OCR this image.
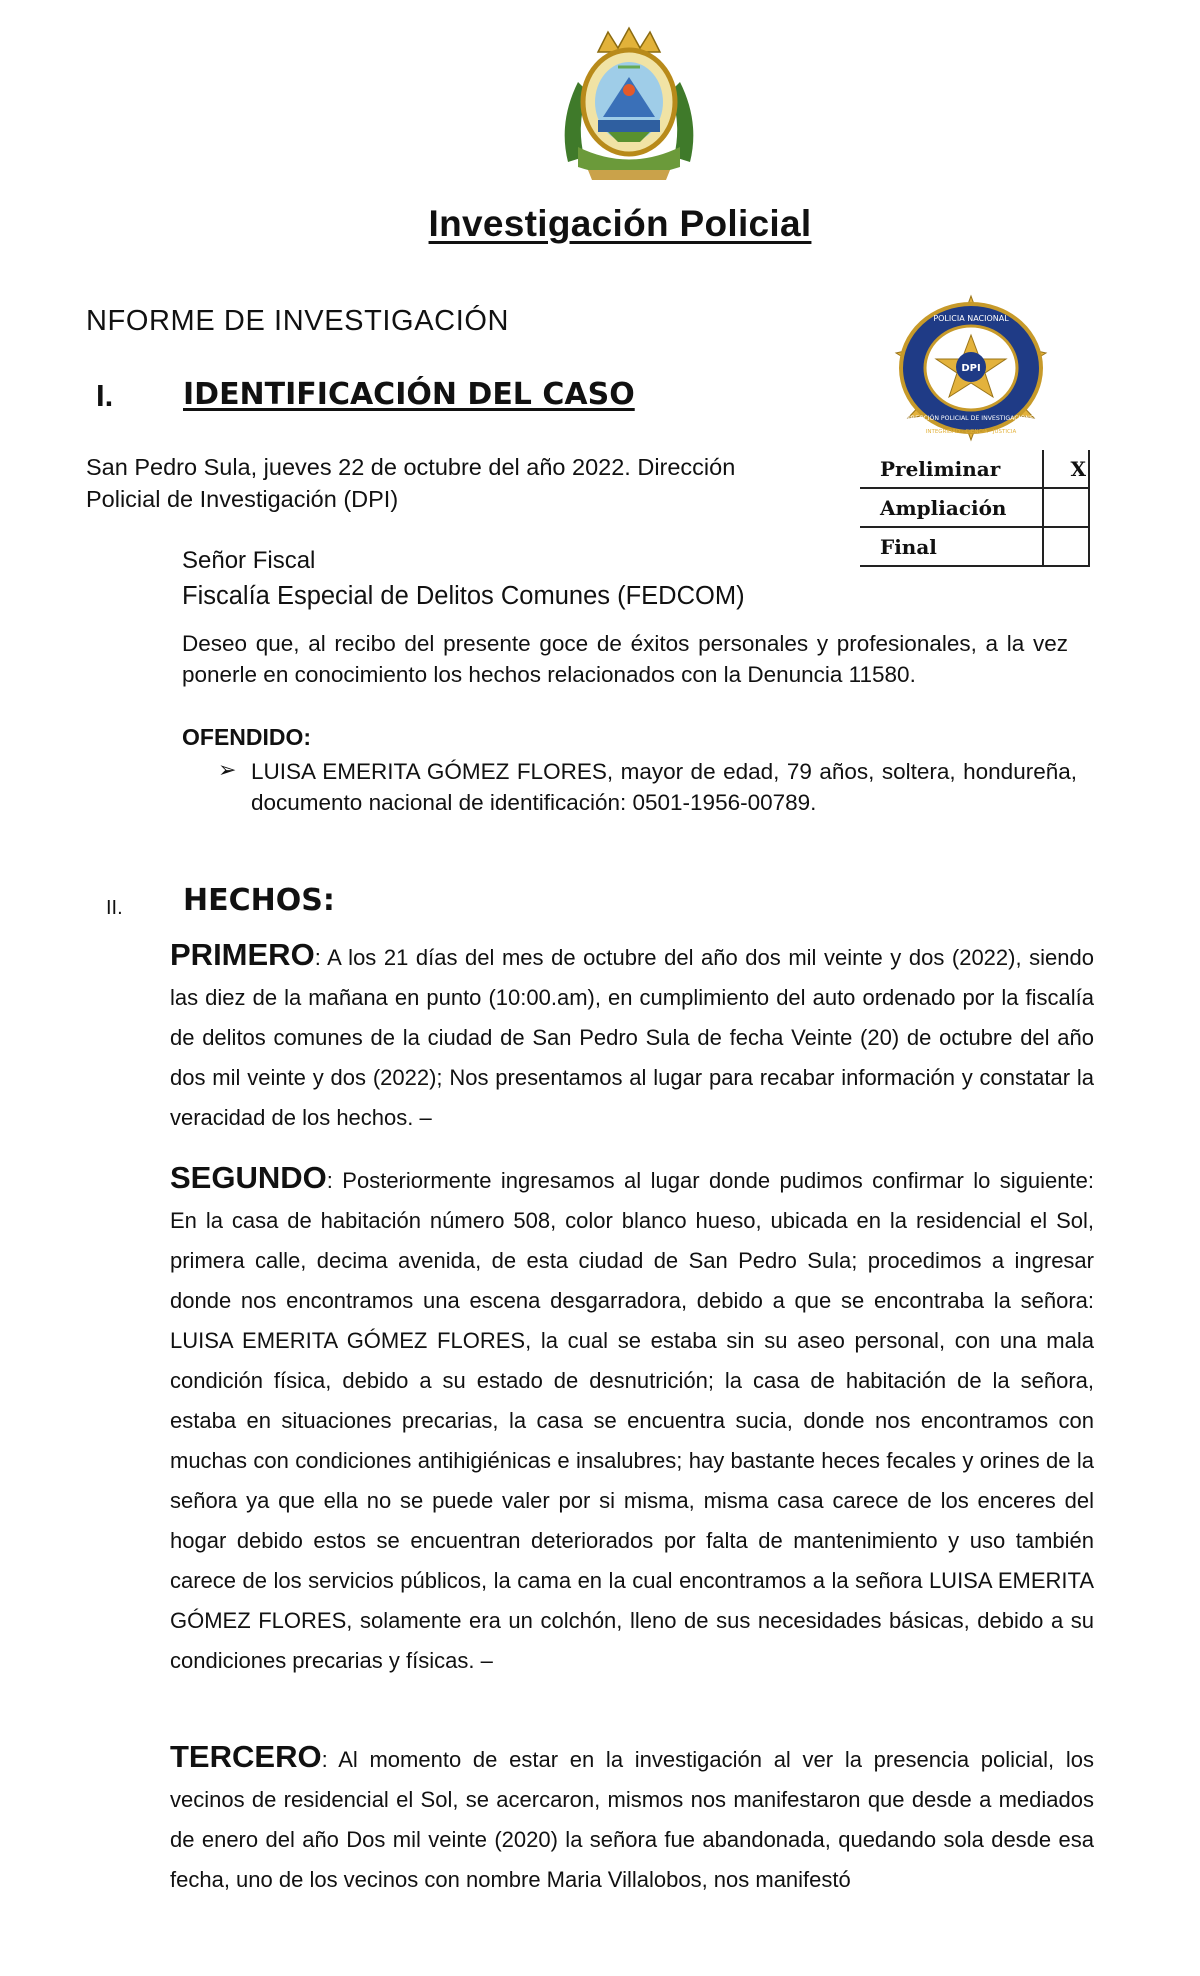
Investigación Policial
NFORME DE INVESTIGACIÓN	POLICIA NACIONAL
DIRECCIÓN POLICIAL DE INVESTIGACIONES
DPI
INTEGRIDAD · CIENCIA · JUSTICIA
I. IDENTIFICACIÓN DEL CASO
Preliminar	X
Ampliación	
Final	
San Pedro Sula, jueves 22 de octubre del año 2022. Dirección
Policial de Investigación (DPI)
Señor Fiscal
Fiscalía Especial de Delitos Comunes (FEDCOM)
Deseo que, al recibo del presente goce de éxitos personales y profesionales, a la vez ponerle en conocimiento los hechos relacionados con la Denuncia 11580.
OFENDIDO:
➢ LUISA EMERITA GÓMEZ FLORES, mayor de edad, 79 años, soltera, hondureña, documento nacional de identificación: 0501-1956-00789.
II. HECHOS:
PRIMERO: A los 21 días del mes de octubre del año dos mil veinte y dos (2022), siendo las diez de la mañana en punto (10:00.am), en cumplimiento del auto ordenado por la fiscalía de delitos comunes de la ciudad de San Pedro Sula de fecha Veinte (20) de octubre del año dos mil veinte y dos (2022); Nos presentamos al lugar para recabar información y constatar la veracidad de los hechos. –
SEGUNDO: Posteriormente ingresamos al lugar donde pudimos confirmar lo siguiente: En la casa de habitación número 508, color blanco hueso, ubicada en la residencial el Sol, primera calle, decima avenida, de esta ciudad de San Pedro Sula; procedimos a ingresar donde nos encontramos una escena desgarradora, debido a que se encontraba la señora: LUISA EMERITA GÓMEZ FLORES, la cual se estaba sin su aseo personal, con una mala condición física, debido a su estado de desnutrición; la casa de habitación de la señora, estaba en situaciones precarias, la casa se encuentra sucia, donde nos encontramos con muchas con condiciones antihigiénicas e insalubres; hay bastante heces fecales y orines de la señora ya que ella no se puede valer por si misma, misma casa carece de los enceres del hogar debido estos se encuentran deteriorados por falta de mantenimiento y uso también carece de los servicios públicos, la cama en la cual encontramos a la señora LUISA EMERITA GÓMEZ FLORES, solamente era un colchón, lleno de sus necesidades básicas, debido a su condiciones precarias y físicas. –
TERCERO: Al momento de estar en la investigación al ver la presencia policial, los vecinos de residencial el Sol, se acercaron, mismos nos manifestaron que desde a mediados de enero del año Dos mil veinte (2020) la señora fue abandonada, quedando sola desde esa fecha, uno de los vecinos con nombre Maria Villalobos, nos manifestó
